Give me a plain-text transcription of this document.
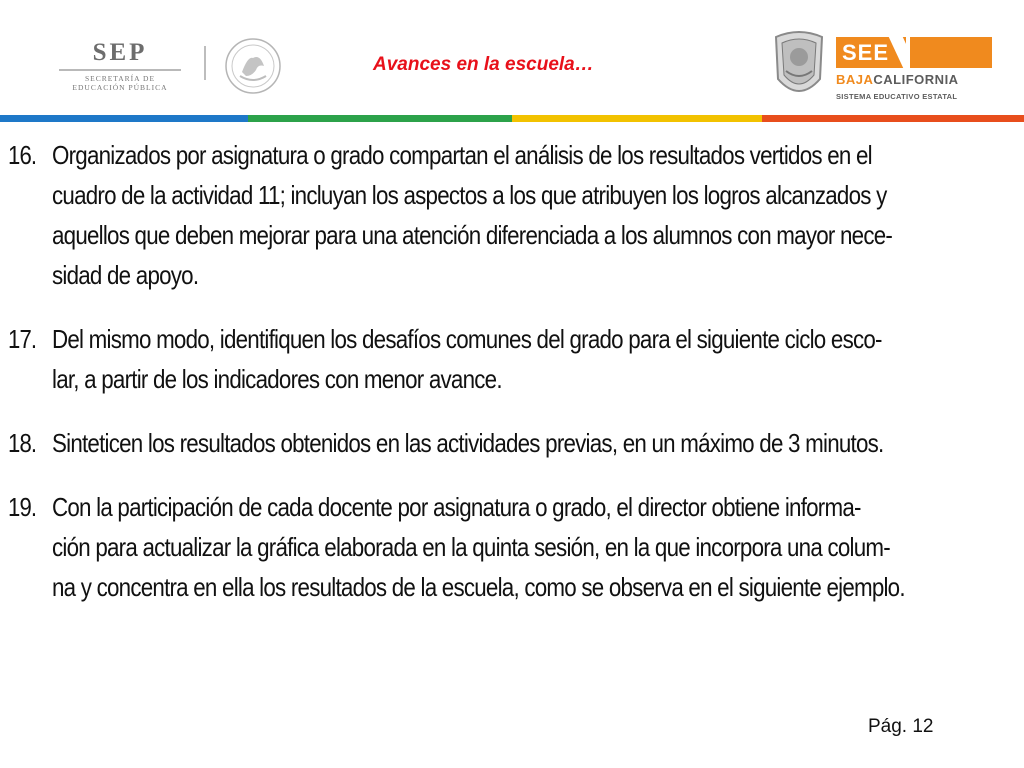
SEP
SECRETARÍA DE
EDUCACIÓN PÚBLICA
Avances en la escuela…	SEE
BAJACALIFORNIA
SISTEMA EDUCATIVO ESTATAL
16. Organizados por asignatura o grado compartan el análisis de los resultados vertidos en el
cuadro de la actividad 11; incluyan los aspectos a los que atribuyen los logros alcanzados y
aquellos que deben mejorar para una atención diferenciada a los alumnos con mayor nece-
sidad de apoyo.
17. Del mismo modo, identifiquen los desafíos comunes del grado para el siguiente ciclo esco-
lar, a partir de los indicadores con menor avance.
18. Sinteticen los resultados obtenidos en las actividades previas, en un máximo de 3 minutos.
19. Con la participación de cada docente por asignatura o grado, el director obtiene informa-
ción para actualizar la gráfica elaborada en la quinta sesión, en la que incorpora una colum-
na y concentra en ella los resultados de la escuela, como se observa en el siguiente ejemplo.
Pág. 12
